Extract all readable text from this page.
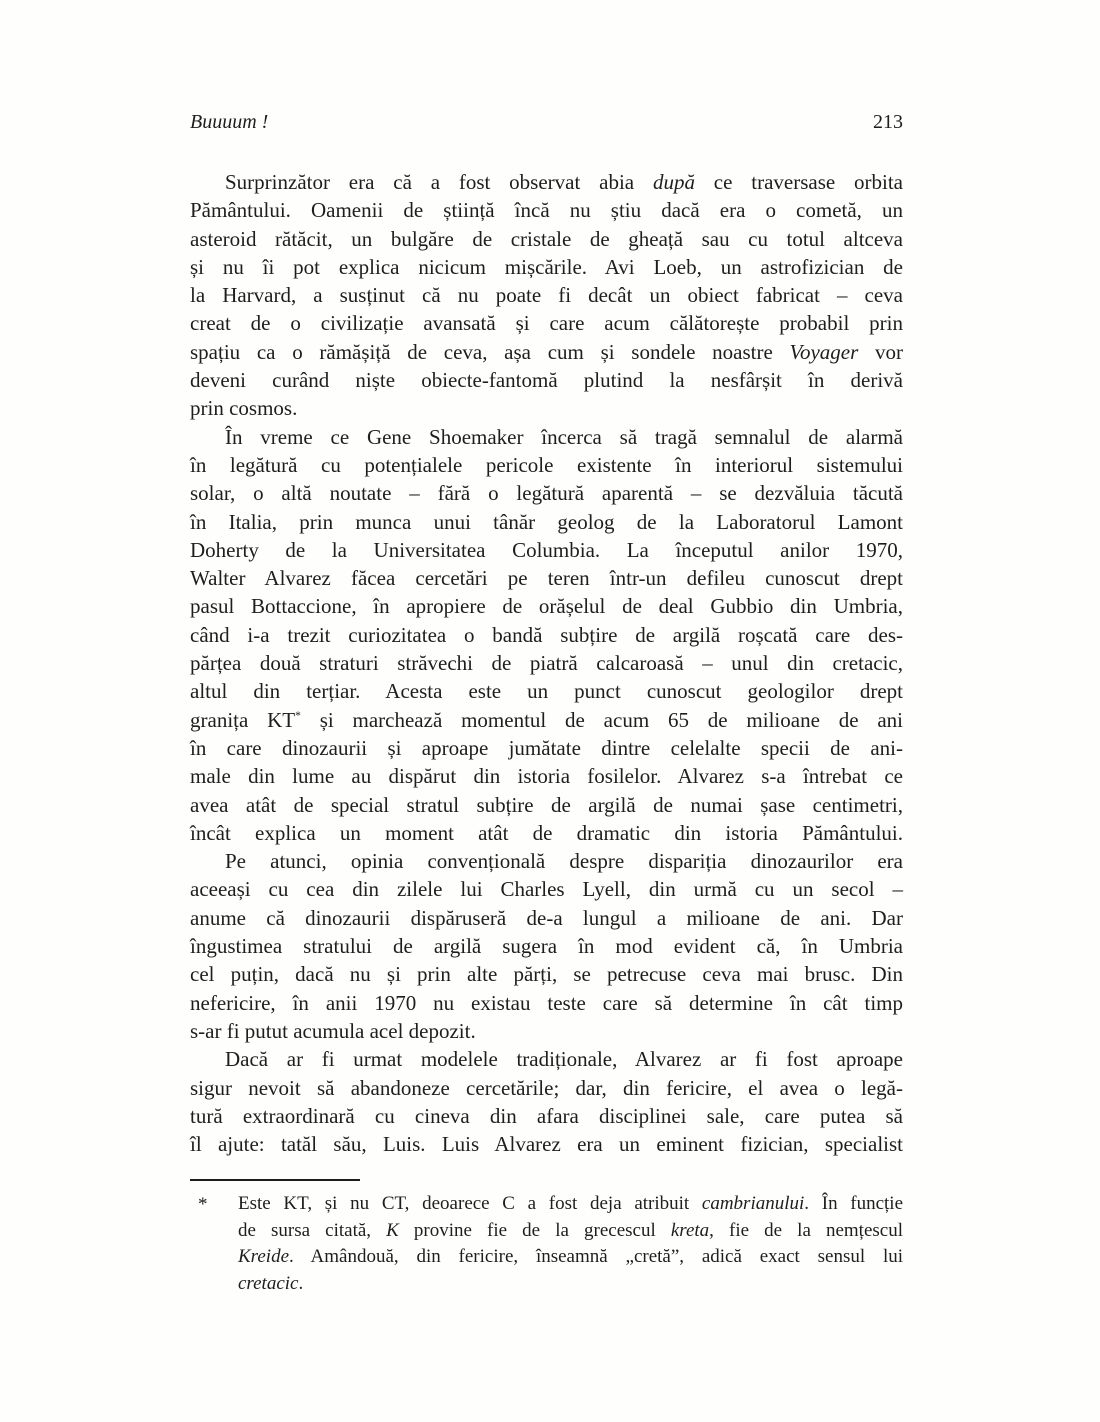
Buuuum !	213
Surprinzător era că a fost observat abia după ce traversase orbita
Pământului. Oamenii de știință încă nu știu dacă era o cometă, un
asteroid rătăcit, un bulgăre de cristale de gheață sau cu totul altceva
și nu îi pot explica nicicum mișcările. Avi Loeb, un astrofizician de
la Harvard, a susținut că nu poate fi decât un obiect fabricat – ceva
creat de o civilizație avansată și care acum călătorește probabil prin
spațiu ca o rămășiță de ceva, așa cum și sondele noastre Voyager vor
deveni curând niște obiecte-fantomă plutind la nesfârșit în derivă
prin cosmos.
În vreme ce Gene Shoemaker încerca să tragă semnalul de alarmă
în legătură cu potențialele pericole existente în interiorul sistemului
solar, o altă noutate – fără o legătură aparentă – se dezvăluia tăcută
în Italia, prin munca unui tânăr geolog de la Laboratorul Lamont
Doherty de la Universitatea Columbia. La începutul anilor 1970,
Walter Alvarez făcea cercetări pe teren într-un defileu cunoscut drept
pasul Bottaccione, în apropiere de orășelul de deal Gubbio din Umbria,
când i-a trezit curiozitatea o bandă subțire de argilă roșcată care des-
părțea două straturi străvechi de piatră calcaroasă – unul din cretacic,
altul din terțiar. Acesta este un punct cunoscut geologilor drept
granița KT* și marchează momentul de acum 65 de milioane de ani
în care dinozaurii și aproape jumătate dintre celelalte specii de ani-
male din lume au dispărut din istoria fosilelor. Alvarez s-a întrebat ce
avea atât de special stratul subțire de argilă de numai șase centimetri,
încât explica un moment atât de dramatic din istoria Pământului.
Pe atunci, opinia convențională despre dispariția dinozaurilor era
aceeași cu cea din zilele lui Charles Lyell, din urmă cu un secol –
anume că dinozaurii dispăruseră de-a lungul a milioane de ani. Dar
îngustimea stratului de argilă sugera în mod evident că, în Umbria
cel puțin, dacă nu și prin alte părți, se petrecuse ceva mai brusc. Din
nefericire, în anii 1970 nu existau teste care să determine în cât timp
s-ar fi putut acumula acel depozit.
Dacă ar fi urmat modelele tradiționale, Alvarez ar fi fost aproape
sigur nevoit să abandoneze cercetările; dar, din fericire, el avea o legă-
tură extraordinară cu cineva din afara disciplinei sale, care putea să
îl ajute: tatăl său, Luis. Luis Alvarez era un eminent fizician, specialist
* Este KT, și nu CT, deoarece C a fost deja atribuit cambrianului. În funcție
de sursa citată, K provine fie de la grecescul kreta, fie de la nemțescul
Kreide. Amândouă, din fericire, înseamnă „cretă”, adică exact sensul lui
cretacic.
